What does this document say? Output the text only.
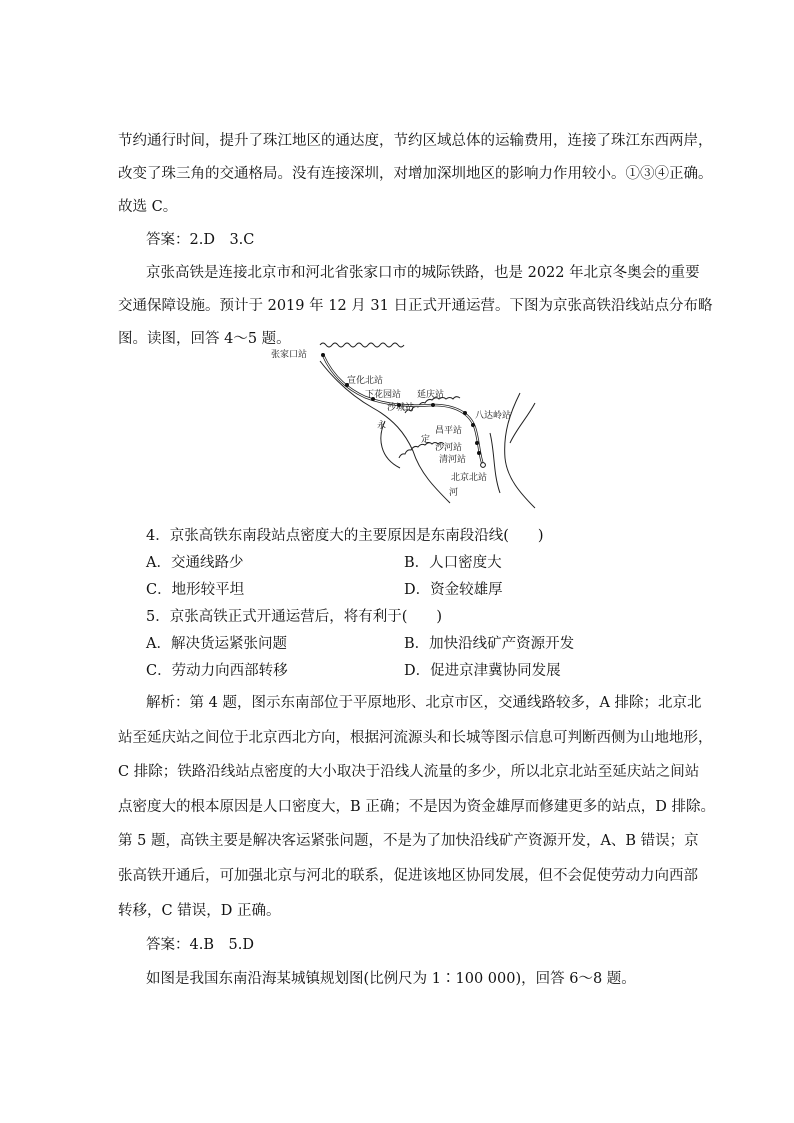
节约通行时间，提升了珠江地区的通达度，节约区域总体的运输费用，连接了珠江东西两岸，
改变了珠三角的交通格局。没有连接深圳，对增加深圳地区的影响力作用较小。①③④正确。
故选 C。
答案：2.D　3.C
京张高铁是连接北京市和河北省张家口市的城际铁路，也是 2022 年北京冬奥会的重要
交通保障设施。预计于 2019 年 12 月 31 日正式开通运营。下图为京张高铁沿线站点分布略
图。读图，回答 4～5 题。
张家口站
宣化北站
下花园站 延庆站
沙城站
八达岭站
昌平站
沙河站
清河站
北京北站
永
定
河
4．京张高铁东南段站点密度大的主要原因是东南段沿线(　　)
A．交通线路少	B．人口密度大
C．地形较平坦	D．资金较雄厚
5．京张高铁正式开通运营后，将有利于(　　)
A．解决货运紧张问题	B．加快沿线矿产资源开发
C．劳动力向西部转移	D．促进京津冀协同发展
解析：第 4 题，图示东南部位于平原地形、北京市区，交通线路较多，A 排除；北京北
站至延庆站之间位于北京西北方向，根据河流源头和长城等图示信息可判断西侧为山地地形，
C 排除；铁路沿线站点密度的大小取决于沿线人流量的多少，所以北京北站至延庆站之间站
点密度大的根本原因是人口密度大，B 正确；不是因为资金雄厚而修建更多的站点，D 排除。
第 5 题，高铁主要是解决客运紧张问题，不是为了加快沿线矿产资源开发，A、B 错误；京
张高铁开通后，可加强北京与河北的联系，促进该地区协同发展，但不会促使劳动力向西部
转移，C 错误，D 正确。
答案：4.B　5.D
如图是我国东南沿海某城镇规划图(比例尺为 1∶100 000)，回答 6～8 题。
